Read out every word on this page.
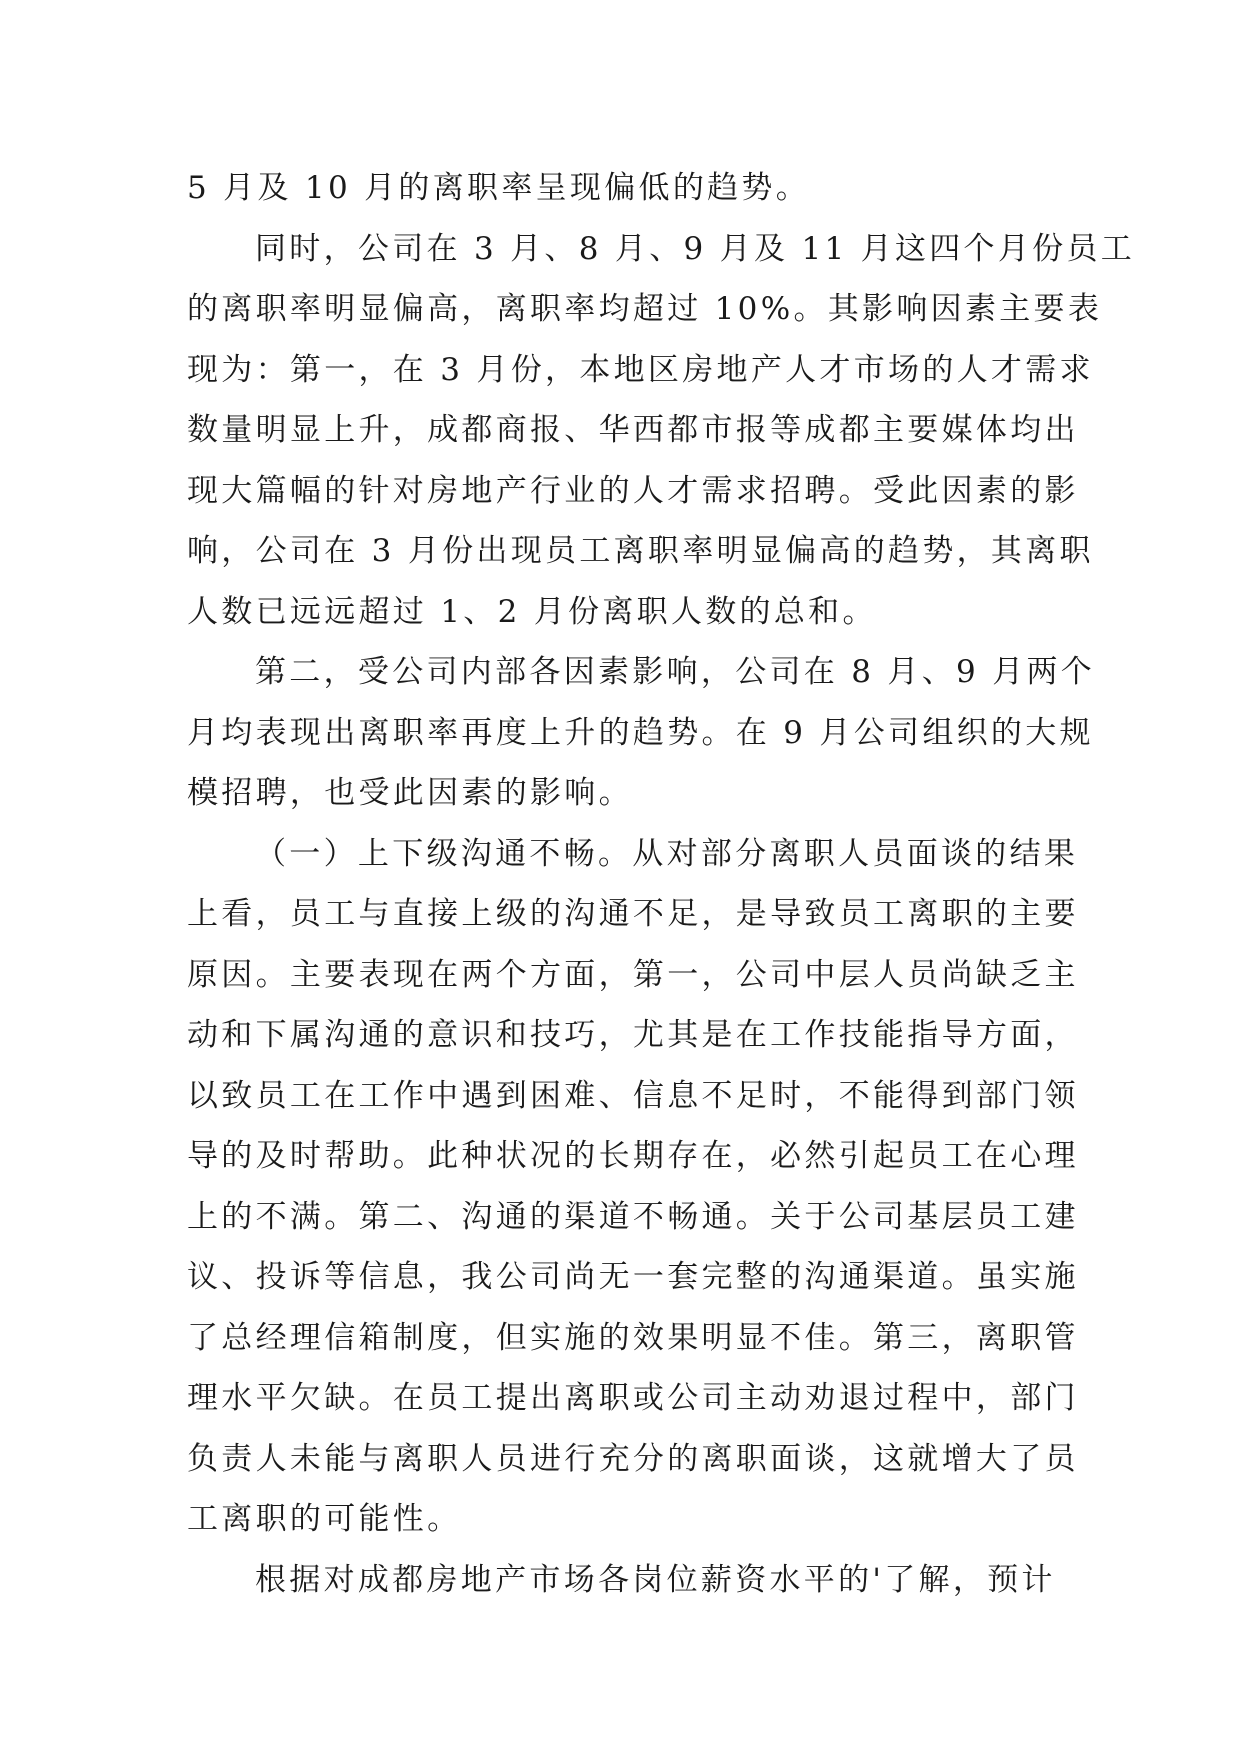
5 月及 10 月的离职率呈现偏低的趋势。
同时，公司在 3 月、8 月、9 月及 11 月这四个月份员工
的离职率明显偏高，离职率均超过 10%。其影响因素主要表
现为：第一，在 3 月份，本地区房地产人才市场的人才需求
数量明显上升，成都商报、华西都市报等成都主要媒体均出
现大篇幅的针对房地产行业的人才需求招聘。受此因素的影
响，公司在 3 月份出现员工离职率明显偏高的趋势，其离职
人数已远远超过 1、2 月份离职人数的总和。
第二，受公司内部各因素影响，公司在 8 月、9 月两个
月均表现出离职率再度上升的趋势。在 9 月公司组织的大规
模招聘，也受此因素的影响。
（一）上下级沟通不畅。从对部分离职人员面谈的结果
上看，员工与直接上级的沟通不足，是导致员工离职的主要
原因。主要表现在两个方面，第一，公司中层人员尚缺乏主
动和下属沟通的意识和技巧，尤其是在工作技能指导方面，
以致员工在工作中遇到困难、信息不足时，不能得到部门领
导的及时帮助。此种状况的长期存在，必然引起员工在心理
上的不满。第二、沟通的渠道不畅通。关于公司基层员工建
议、投诉等信息，我公司尚无一套完整的沟通渠道。虽实施
了总经理信箱制度，但实施的效果明显不佳。第三，离职管
理水平欠缺。在员工提出离职或公司主动劝退过程中，部门
负责人未能与离职人员进行充分的离职面谈，这就增大了员
工离职的可能性。
根据对成都房地产市场各岗位薪资水平的'了解，预计
